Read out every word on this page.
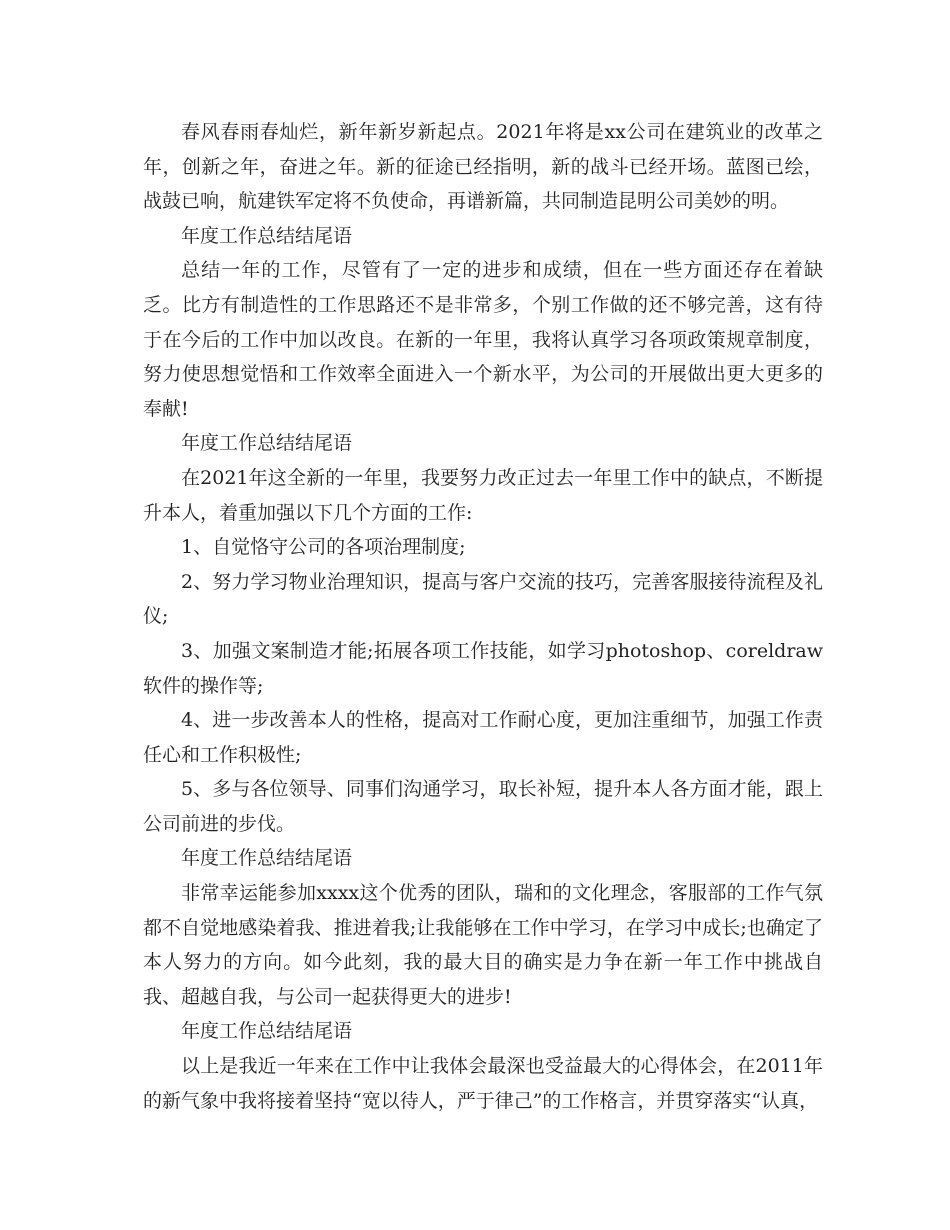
春风春雨春灿烂，新年新岁新起点。2021年将是xx公司在建筑业的改革之年，创新之年，奋进之年。新的征途已经指明，新的战斗已经开场。蓝图已绘，战鼓已响，航建铁军定将不负使命，再谱新篇，共同制造昆明公司美妙的明。

年度工作总结结尾语

总结一年的工作，尽管有了一定的进步和成绩，但在一些方面还存在着缺乏。比方有制造性的工作思路还不是非常多，个别工作做的还不够完善，这有待于在今后的工作中加以改良。在新的一年里，我将认真学习各项政策规章制度，努力使思想觉悟和工作效率全面进入一个新水平，为公司的开展做出更大更多的奉献!

年度工作总结结尾语

在2021年这全新的一年里，我要努力改正过去一年里工作中的缺点，不断提升本人，着重加强以下几个方面的工作:

1、自觉恪守公司的各项治理制度;

2、努力学习物业治理知识，提高与客户交流的技巧，完善客服接待流程及礼仪;

3、加强文案制造才能;拓展各项工作技能，如学习photoshop、coreldraw软件的操作等;

4、进一步改善本人的性格，提高对工作耐心度，更加注重细节，加强工作责任心和工作积极性;

5、多与各位领导、同事们沟通学习，取长补短，提升本人各方面才能，跟上公司前进的步伐。

年度工作总结结尾语

非常幸运能参加xxxx这个优秀的团队，瑞和的文化理念，客服部的工作气氛都不自觉地感染着我、推进着我;让我能够在工作中学习，在学习中成长;也确定了本人努力的方向。如今此刻，我的最大目的确实是力争在新一年工作中挑战自我、超越自我，与公司一起获得更大的进步!

年度工作总结结尾语

以上是我近一年来在工作中让我体会最深也受益最大的心得体会，在2011年的新气象中我将接着坚持“宽以待人，严于律己”的工作格言，并贯穿落实“认真，
